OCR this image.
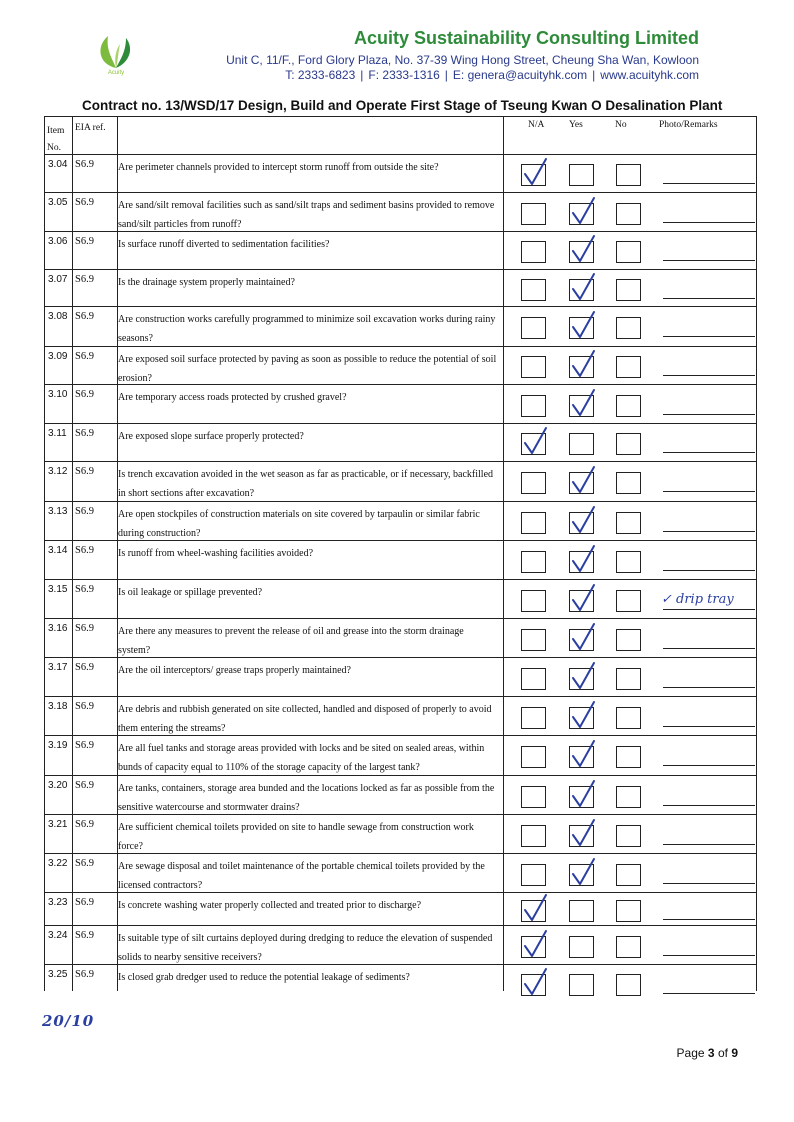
Acuity
Acuity Sustainability Consulting Limited
Unit C, 11/F., Ford Glory Plaza, No. 37-39 Wing Hong Street, Cheung Sha Wan, Kowloon
T: 2333-6823 | F: 2333-1316 | E: genera@acuityhk.com | www.acuityhk.com
Contract no. 13/WSD/17 Design, Build and Operate First Stage of Tseung Kwan O Desalination Plant
Item No.
EIA ref.	N/A	Yes	No	Photo/Remarks
3.04 S6.9 Are perimeter channels provided to intercept storm runoff from outside the site?
3.05 S6.9 Are sand/silt removal facilities such as sand/silt traps and sediment basins provided to remove sand/silt particles from runoff?
3.06 S6.9 Is surface runoff diverted to sedimentation facilities?
3.07 S6.9 Is the drainage system properly maintained?
3.08 S6.9 Are construction works carefully programmed to minimize soil excavation works during rainy seasons?
3.09 S6.9 Are exposed soil surface protected by paving as soon as possible to reduce the potential of soil erosion?
3.10 S6.9 Are temporary access roads protected by crushed gravel?
3.11 S6.9 Are exposed slope surface properly protected?
3.12 S6.9 Is trench excavation avoided in the wet season as far as practicable, or if necessary, backfilled in short sections after excavation?
3.13 S6.9 Are open stockpiles of construction materials on site covered by tarpaulin or similar fabric during construction?
3.14 S6.9 Is runoff from wheel-washing facilities avoided?
3.15 S6.9 Is oil leakage or spillage prevented?	✓ drip tray
3.16 S6.9 Are there any measures to prevent the release of oil and grease into the storm drainage system?
3.17 S6.9 Are the oil interceptors/ grease traps properly maintained?
3.18 S6.9 Are debris and rubbish generated on site collected, handled and disposed of properly to avoid them entering the streams?
3.19 S6.9 Are all fuel tanks and storage areas provided with locks and be sited on sealed areas, within bunds of capacity equal to 110% of the storage capacity of the largest tank?
3.20 S6.9 Are tanks, containers, storage area bunded and the locations locked as far as possible from the sensitive watercourse and stormwater drains?
3.21 S6.9 Are sufficient chemical toilets provided on site to handle sewage from construction work force?
3.22 S6.9 Are sewage disposal and toilet maintenance of the portable chemical toilets provided by the licensed contractors?
3.23 S6.9 Is concrete washing water properly collected and treated prior to discharge?
3.24 S6.9 Is suitable type of silt curtains deployed during dredging to reduce the elevation of suspended solids to nearby sensitive receivers?
3.25 S6.9 Is closed grab dredger used to reduce the potential leakage of sediments?
20/10
Page 3 of 9
